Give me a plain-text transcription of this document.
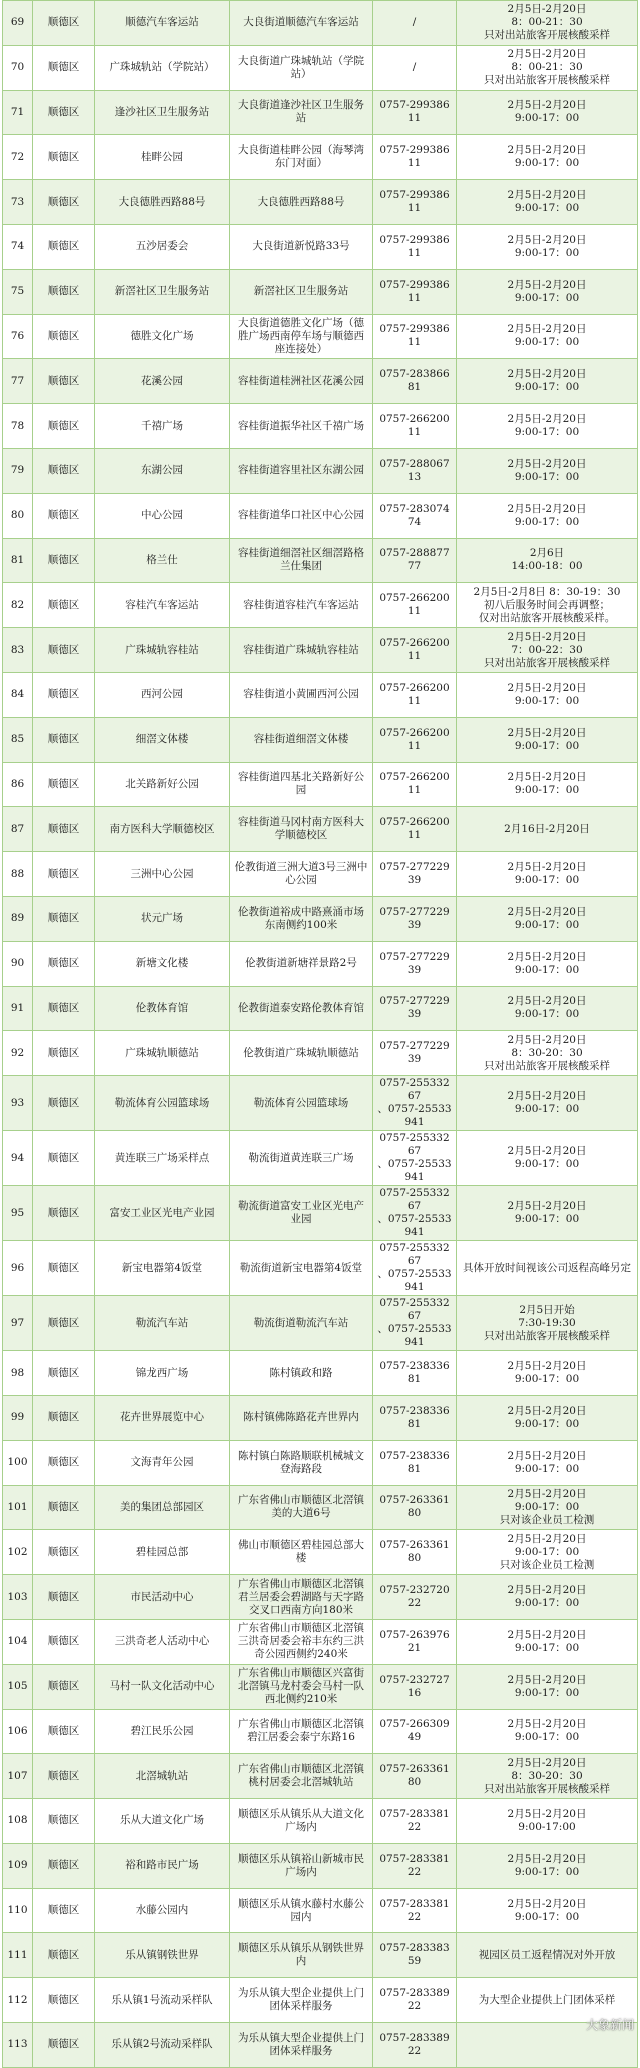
69	顺德区	顺德汽车客运站	大良街道顺德汽车客运站	/	2月5日-2月20日
8：00-21：30
只对出站旅客开展核酸采样
70	顺德区	广珠城轨站（学院站）	大良街道广珠城轨站（学院站）	/	2月5日-2月20日
8：00-21：30
只对出站旅客开展核酸采样
71	顺德区	逢沙社区卫生服务站	大良街道逢沙社区卫生服务站	0757-29938611	2月5日-2月20日
9:00-17：00
72	顺德区	桂畔公园	大良街道桂畔公园（海琴湾东门对面）	0757-29938611	2月5日-2月20日
9:00-17：00
73	顺德区	大良德胜西路88号	大良德胜西路88号	0757-29938611	2月5日-2月20日
9:00-17：00
74	顺德区	五沙居委会	大良街道新悦路33号	0757-29938611	2月5日-2月20日
9:00-17：00
75	顺德区	新滘社区卫生服务站	新滘社区卫生服务站	0757-29938611	2月5日-2月20日
9:00-17：00
76	顺德区	德胜文化广场	大良街道德胜文化广场（德胜广场西南停车场与顺德西座连接处）	0757-29938611	2月5日-2月20日
9:00-17：00
77	顺德区	花溪公园	容桂街道桂洲社区花溪公园	0757-28386681	2月5日-2月20日
9:00-17：00
78	顺德区	千禧广场	容桂街道振华社区千禧广场	0757-26620011	2月5日-2月20日
9:00-17：00
79	顺德区	东湖公园	容桂街道容里社区东湖公园	0757-28806713	2月5日-2月20日
9:00-17：00
80	顺德区	中心公园	容桂街道华口社区中心公园	0757-28307474	2月5日-2月20日
9:00-17：00
81	顺德区	格兰仕	容桂街道细滘社区细滘路格兰仕集团	0757-28887777	2月6日
14:00-18：00
82	顺德区	容桂汽车客运站	容桂街道容桂汽车客运站	0757-26620011	2月5日-2月8日 8：30-19：30
初八后服务时间会再调整；
仅对出站旅客开展核酸采样。
83	顺德区	广珠城轨容桂站	容桂街道广珠城轨容桂站	0757-26620011	2月5日-2月20日
7：00-22：30
只对出站旅客开展核酸采样
84	顺德区	西河公园	容桂街道小黄圃西河公园	0757-26620011	2月5日-2月20日
9:00-17：00
85	顺德区	细滘文体楼	容桂街道细滘文体楼	0757-26620011	2月5日-2月20日
9:00-17：00
86	顺德区	北关路新好公园	容桂街道四基北关路新好公园	0757-26620011	2月5日-2月20日
9:00-17：00
87	顺德区	南方医科大学顺德校区	容桂街道马冈村南方医科大学顺德校区	0757-26620011	2月16日-2月20日
88	顺德区	三洲中心公园	伦教街道三洲大道3号三洲中心公园	0757-27722939	2月5日-2月20日
9:00-17：00
89	顺德区	状元广场	伦教街道裕成中路熹涌市场东南侧约100米	0757-27722939	2月5日-2月20日
9:00-17：00
90	顺德区	新塘文化楼	伦教街道新塘祥景路2号	0757-27722939	2月5日-2月20日
9:00-17：00
91	顺德区	伦教体育馆	伦教街道泰安路伦教体育馆	0757-27722939	2月5日-2月20日
9:00-17：00
92	顺德区	广珠城轨顺德站	伦教街道广珠城轨顺德站	0757-27722939	2月5日-2月20日
8：30-20：30
只对出站旅客开展核酸采样
93	顺德区	勒流体育公园篮球场	勒流体育公园篮球场	0757-25533267
、0757-25533941	2月5日-2月20日
9:00-17：00
94	顺德区	黄连联三广场采样点	勒流街道黄连联三广场	0757-25533267
、0757-25533941	2月5日-2月20日
9:00-17：00
95	顺德区	富安工业区光电产业园	勒流街道富安工业区光电产业园	0757-25533267
、0757-25533941	2月5日-2月20日
9:00-17：00
96	顺德区	新宝电器第4饭堂	勒流街道新宝电器第4饭堂	0757-25533267
、0757-25533941	具体开放时间视该公司返程高峰另定
97	顺德区	勒流汽车站	勒流街道勒流汽车站	0757-25533267
、0757-25533941	2月5日开始
7:30-19:30
只对出站旅客开展核酸采样
98	顺德区	锦龙西广场	陈村镇政和路	0757-23833681	2月5日-2月20日
9:00-17：00
99	顺德区	花卉世界展览中心	陈村镇佛陈路花卉世界内	0757-23833681	2月5日-2月20日
9:00-17：00
100	顺德区	文海青年公园	陈村镇白陈路顺联机械城文登海路段	0757-23833681	2月5日-2月20日
9:00-17：00
101	顺德区	美的集团总部园区	广东省佛山市顺德区北滘镇美的大道6号	0757-26336180	2月5日-2月20日
9:00-17：00
只对该企业员工检测
102	顺德区	碧桂园总部	佛山市顺德区碧桂园总部大楼	0757-26336180	2月5日-2月20日
9:00-17：00
只对该企业员工检测
103	顺德区	市民活动中心	广东省佛山市顺德区北滘镇君兰居委会碧湖路与天字路交叉口西南方向180米	0757-23272022	2月5日-2月20日
9:00-17：00
104	顺德区	三洪奇老人活动中心	广东省佛山市顺德区北滘镇三洪奇居委会裕丰东约三洪奇公园西侧约240米	0757-26397621	2月5日-2月20日
9:00-17：00
105	顺德区	马村一队文化活动中心	广东省佛山市顺德区兴富街北滘镇马龙村委会马村一队西北侧约210米	0757-23272716	2月5日-2月20日
9:00-17：00
106	顺德区	碧江民乐公园	广东省佛山市顺德区北滘镇碧江居委会泰宁东路16	0757-26630949	2月5日-2月20日
9:00-17：00
107	顺德区	北滘城轨站	广东省佛山市顺德区北滘镇桃村居委会北滘城轨站	0757-26336180	2月5日-2月20日
8：30-20：30
只对出站旅客开展核酸采样
108	顺德区	乐从大道文化广场	顺德区乐从镇乐从大道文化广场内	0757-28338122	2月5日-2月20日
9:00-17:00
109	顺德区	裕和路市民广场	顺德区乐从镇裕山新城市民广场内	0757-28338122	2月5日-2月20日
9:00-17：00
110	顺德区	水藤公园内	顺德区乐从镇水藤村水藤公园内	0757-28338122	2月5日-2月20日
9:00-17：00
111	顺德区	乐从镇钢铁世界	顺德区乐从镇乐从钢铁世界内	0757-28338359	视园区员工返程情况对外开放
112	顺德区	乐从镇1号流动采样队	为乐从镇大型企业提供上门团体采样服务	0757-28338922	为大型企业提供上门团体采样
113	顺德区	乐从镇2号流动采样队	为乐从镇大型企业提供上门团体采样服务	0757-28338922	
大象新闻
